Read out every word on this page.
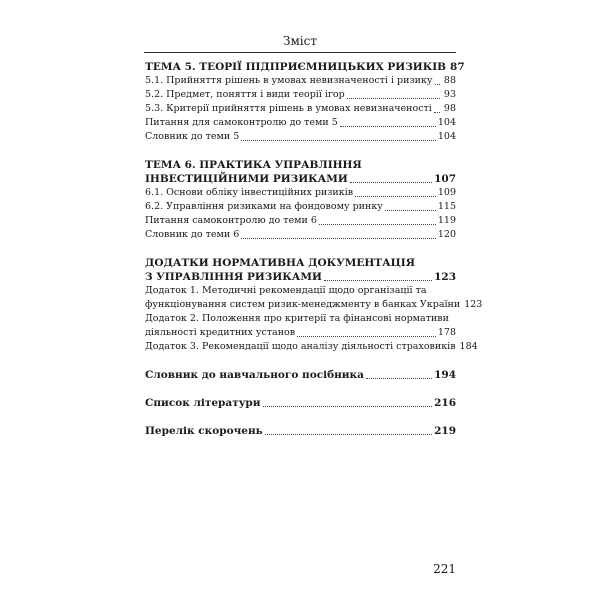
Зміст
ТЕМА 5. ТЕОРІЇ ПІДПРИЄМНИЦЬКИХ РИЗИКІВ 87
5.1. Прийняття рішень в умовах невизначеності і ризику 88
5.2. Предмет, поняття і види теорії ігор	93
5.3. Критерії прийняття рішень в умовах невизначеності 98
Питання для самоконтролю до теми 5	104
Словник до теми 5	104
ТЕМА 6. ПРАКТИКА УПРАВЛІННЯ
ІНВЕСТИЦІЙНИМИ РИЗИКАМИ	107
6.1. Основи обліку інвестиційних ризиків	109
6.2. Управління ризиками на фондовому ринку	115
Питання самоконтролю до теми 6	119
Словник до теми 6	120
ДОДАТКИ НОРМАТИВНА ДОКУМЕНТАЦІЯ
З УПРАВЛІННЯ РИЗИКАМИ	123
Додаток 1. Методичні рекомендації щодо організації та
функціонування систем ризик-менеджменту в банках України 123
Додаток 2. Положення про критерії та фінансові нормативи
діяльності кредитних установ	178
Додаток 3. Рекомендації щодо аналізу діяльності страховиків 184
Словник до навчального посібника	194
Список літератури	216
Перелік скорочень	219
221
